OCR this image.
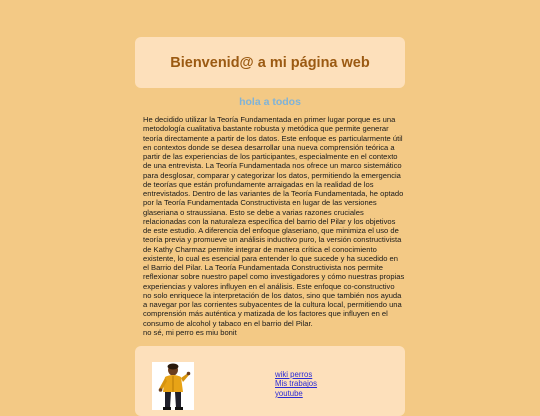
Bienvenid@ a mi página web
hola a todos

He decidido utilizar la Teoría Fundamentada en primer lugar porque es una metodología cualitativa bastante robusta y metódica que permite generar teoría directamente a partir de los datos. Este enfoque es particularmente útil en contextos donde se desea desarrollar una nueva comprensión teórica a partir de las experiencias de los participantes, especialmente en el contexto de una entrevista. La Teoría Fundamentada nos ofrece un marco sistemático para desglosar, comparar y categorizar los datos, permitiendo la emergencia de teorías que están profundamente arraigadas en la realidad de los entrevistados. Dentro de las variantes de la Teoría Fundamentada, he optado por la Teoría Fundamentada Constructivista en lugar de las versiones glaseriana o straussiana. Esto se debe a varias razones cruciales relacionadas con la naturaleza específica del barrio del Pilar y los objetivos de este estudio. A diferencia del enfoque glaseriano, que minimiza el uso de teoría previa y promueve un análisis inductivo puro, la versión constructivista de Kathy Charmaz permite integrar de manera crítica el conocimiento existente, lo cual es esencial para entender lo que sucede y ha sucedido en el Barrio del Pilar. La Teoría Fundamentada Constructivista nos permite reflexionar sobre nuestro papel como investigadores y cómo nuestras propias experiencias y valores influyen en el análisis. Este enfoque co-constructivo no solo enriquece la interpretación de los datos, sino que también nos ayuda a navegar por las corrientes subyacentes de la cultura local, permitiendo una comprensión más auténtica y matizada de los factores que influyen en el consumo de alcohol y tabaco en el barrio del Pilar.

no sé, mi perro es miu bonit

wiki perros
Mis trabajos
youtube
